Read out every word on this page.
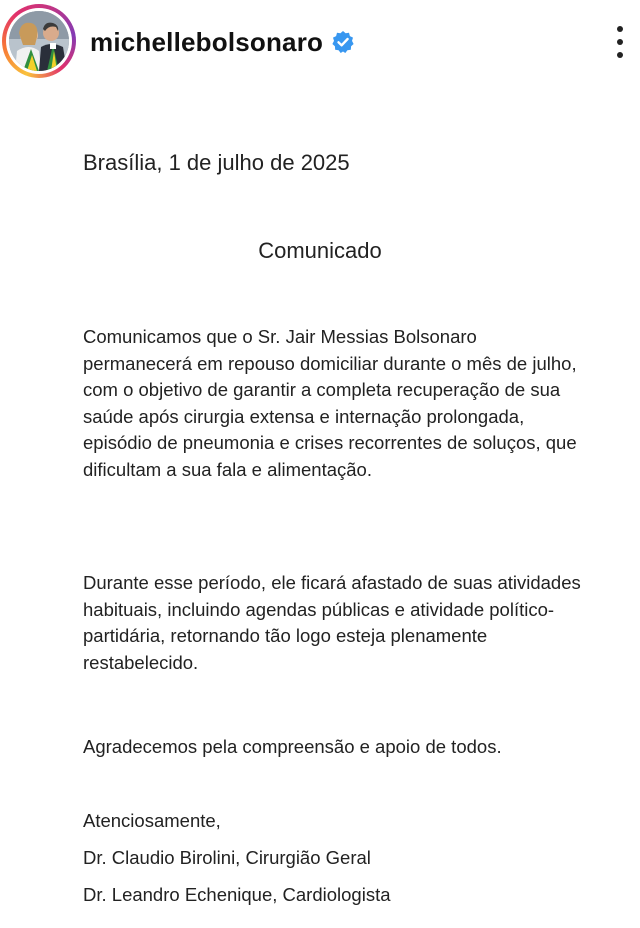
michellebolsonaro
Brasília, 1 de julho de 2025
Comunicado
Comunicamos que o Sr. Jair Messias Bolsonaro permanecerá em repouso domiciliar durante o mês de julho, com o objetivo de garantir a completa recuperação de sua saúde após cirurgia extensa e internação prolongada, episódio de pneumonia e crises recorrentes de soluços, que dificultam a sua fala e alimentação.
Durante esse período, ele ficará afastado de suas atividades habituais, incluindo agendas públicas e atividade político-partidária, retornando tão logo esteja plenamente restabelecido.
Agradecemos pela compreensão e apoio de todos.
Atenciosamente,
Dr. Claudio Birolini, Cirurgião Geral
Dr. Leandro Echenique, Cardiologista
